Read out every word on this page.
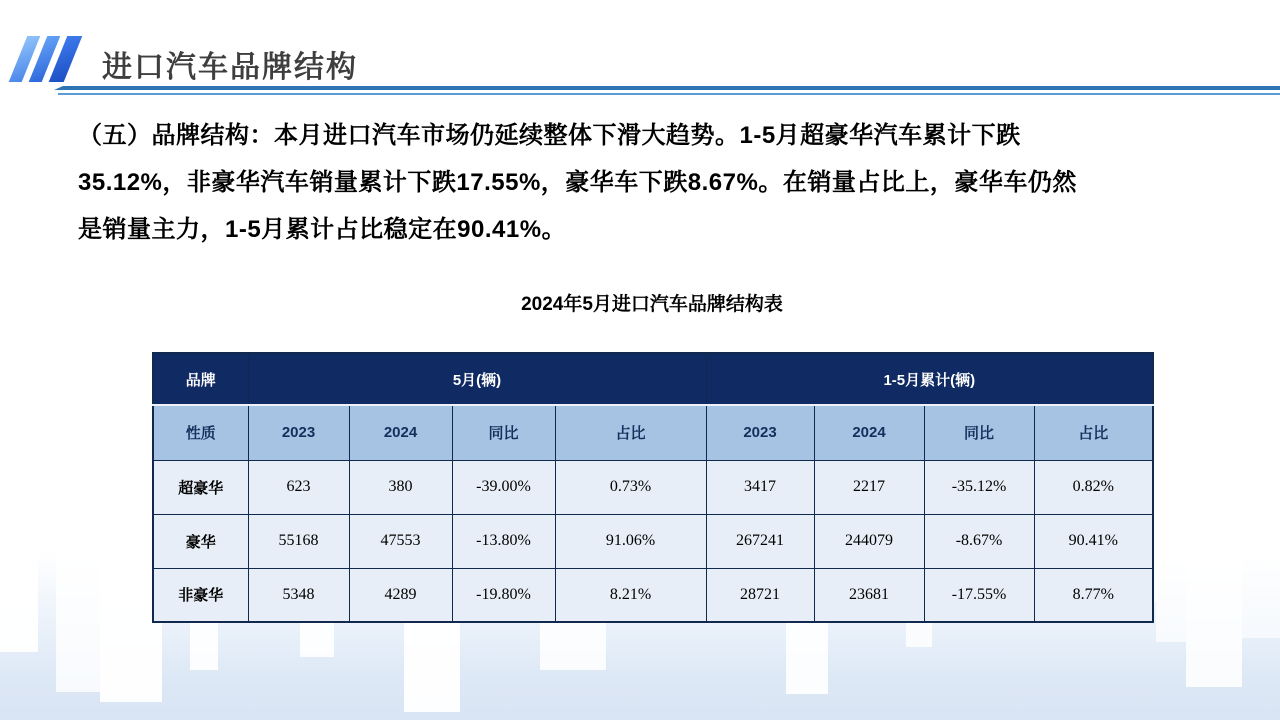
进口汽车品牌结构
（五）品牌结构：本月进口汽车市场仍延续整体下滑大趋势。1-5月超豪华汽车累计下跌
35.12%，非豪华汽车销量累计下跌17.55%，豪华车下跌8.67%。在销量占比上，豪华车仍然
是销量主力，1-5月累计占比稳定在90.41%。
2024年5月进口汽车品牌结构表
品牌	5月(辆)				1-5月累计(辆)			
性质	2023	2024	同比	占比	2023	2024	同比	占比
超豪华	623	380	-39.00%	0.73%	3417	2217	-35.12%	0.82%
豪华	55168	47553	-13.80%	91.06%	267241	244079	-8.67%	90.41%
非豪华	5348	4289	-19.80%	8.21%	28721	23681	-17.55%	8.77%
